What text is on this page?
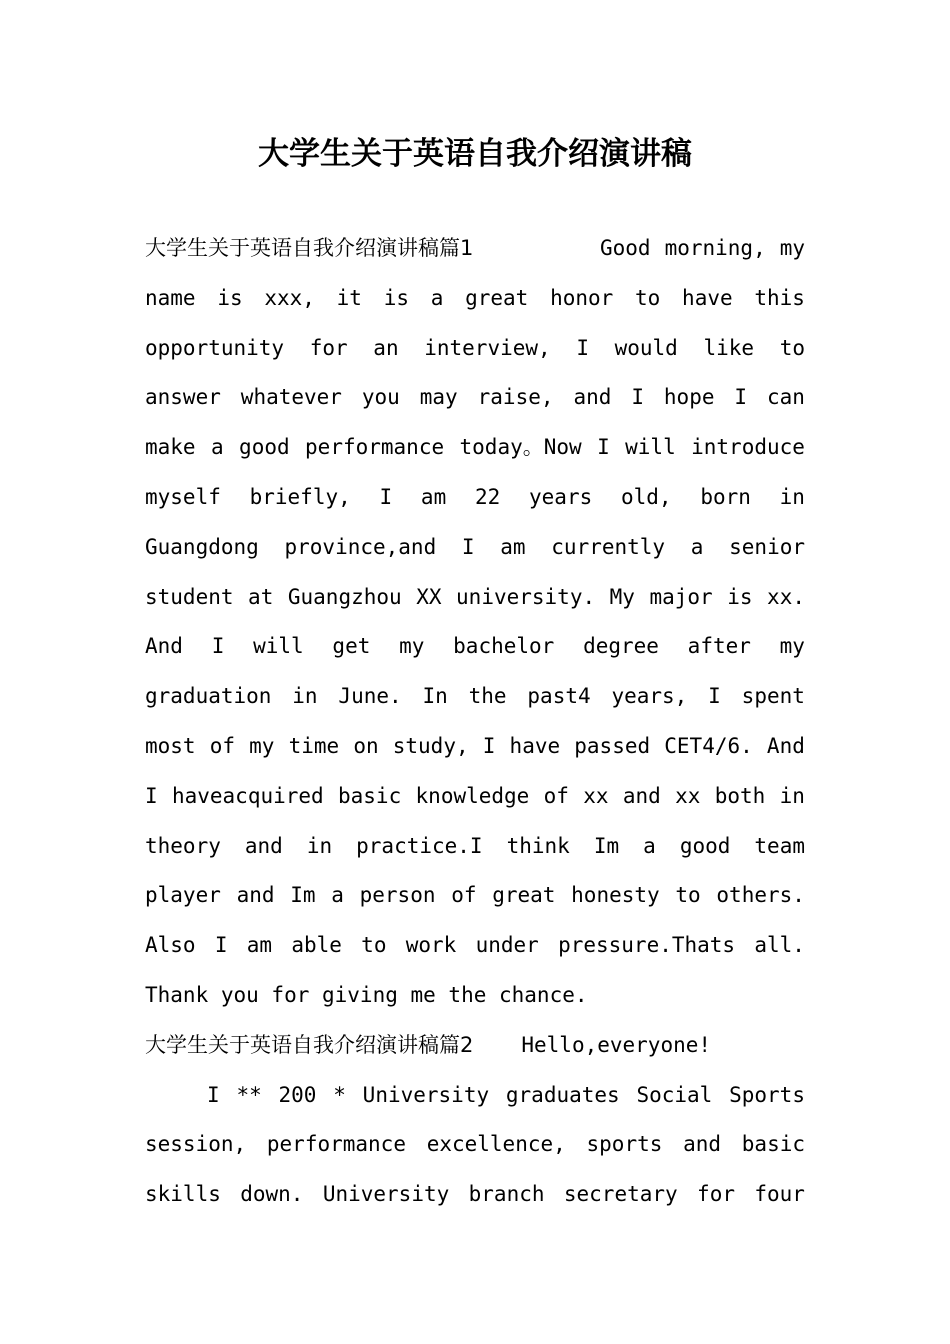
大学生关于英语自我介绍演讲稿
大学生关于英语自我介绍演讲稿篇1	Good morning, my
name is xxx, it is a great honor to have this
opportunity for an interview, I would like to
answer whatever you may raise, and I hope I can
make a good performance today。Now I will introduce
myself briefly, I am 22 years old, born in
Guangdong province,and I am currently a senior
student at Guangzhou XX university. My major is xx.
And I will get my bachelor degree after my
graduation in June. In the past4 years, I spent
most of my time on study, I have passed CET4/6. And
I haveacquired basic knowledge of xx and xx both in
theory and in practice.I think Im a good team
player and Im a person of great honesty to others.
Also I am able to work under pressure.Thats all.
Thank you for giving me the chance.
大学生关于英语自我介绍演讲稿篇2 Hello,everyone!
I ** 200 * University graduates Social Sports
session, performance excellence, sports and basic
skills down. University branch secretary for four
